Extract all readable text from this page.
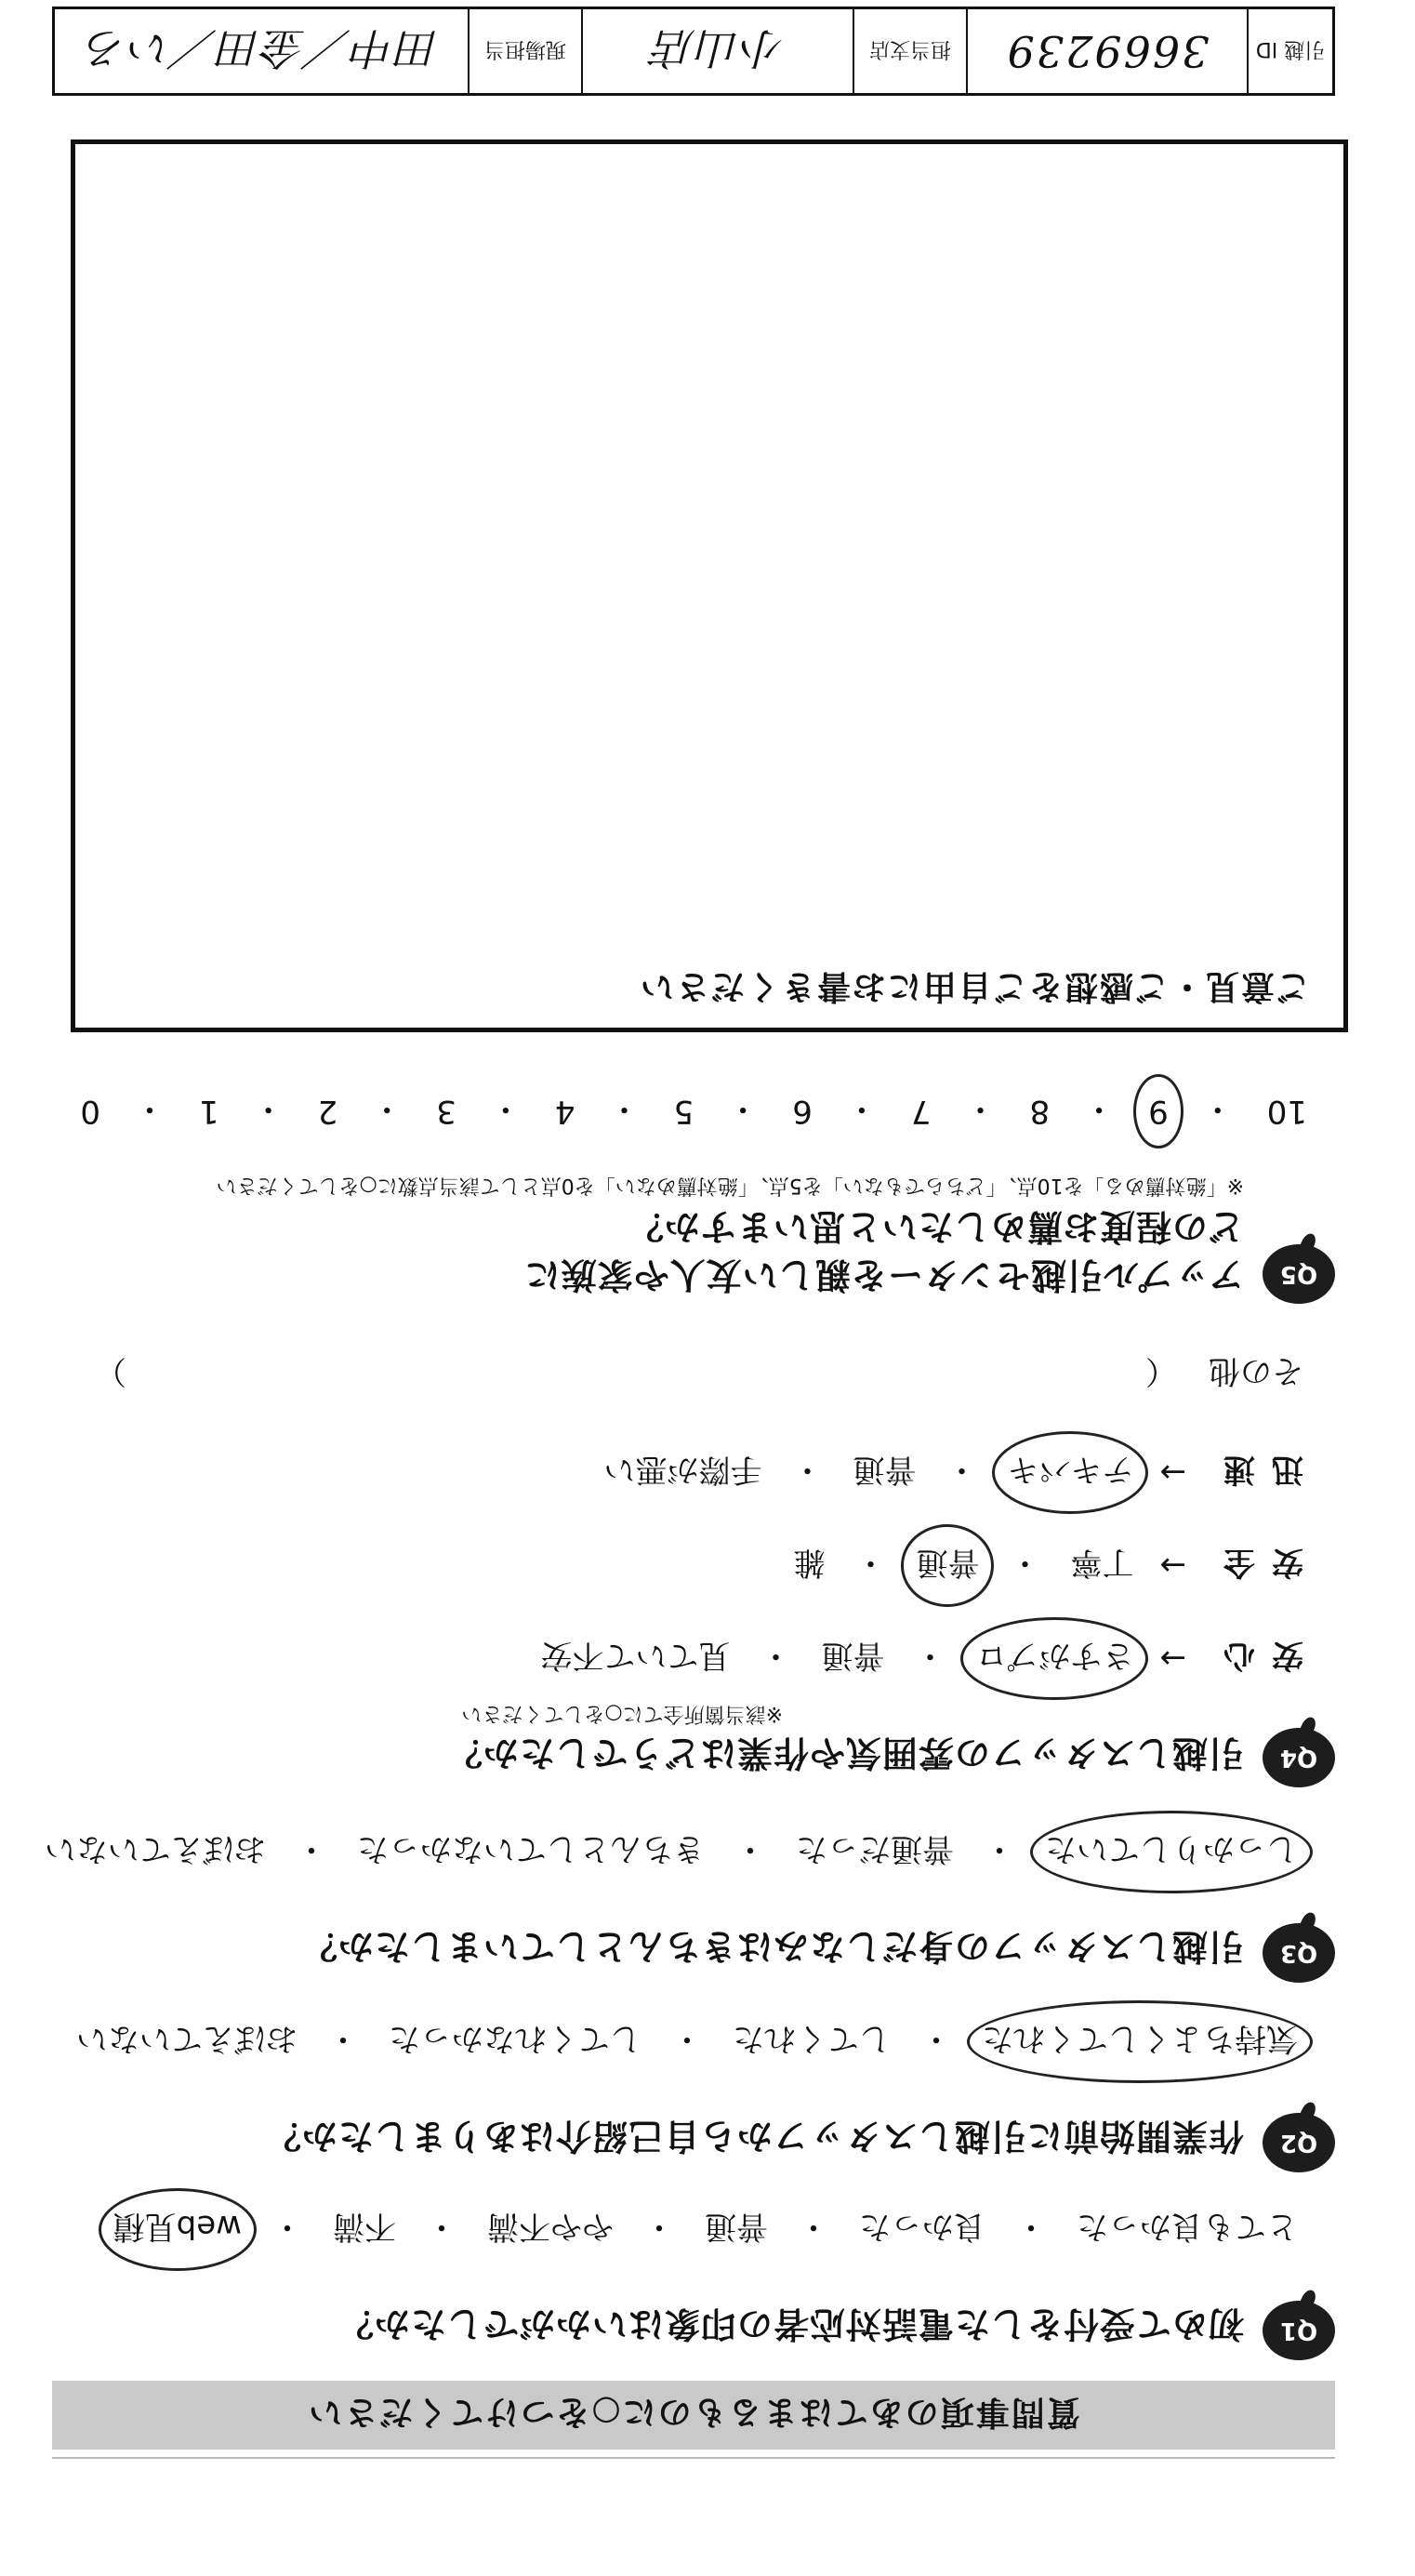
質問事項のあてはまるものに○をつけてください
Q1
初めて受付をした電話対応者の印象はいかがでしたか？
とても良かった
・
良かった
・
普通
・
やや不満
・
不満
・
web見積
Q2
作業開始前に引越しスタッフから自己紹介はありましたか？
気持ちよくしてくれた
・
してくれた
・
してくれなかった
・
おぼえていない
Q3
引越しスタッフの身だしなみはきちんとしていましたか？
しっかりしていた
・
普通だった
・
きちんとしていなかった
・
おぼえていない
Q4
引越しスタッフの雰囲気や作業はどうでしたか？
※該当箇所全てに○をしてください
安心
→
さすがプロ
・
普通
・
見ていて不安
安全
→
丁寧
・
普通
・
雑
迅速
→
テキパキ
・
普通
・
手際が悪い
その他
（
）
Q5
アップル引越センターを親しい友人や家族に
どの程度お薦めしたいと思いますか？
※「絶対薦める」を10点、「どちらでもない」を5点、「絶対薦めない」を0点として該当点数に○をしてください
10
・
9
・
8
・
7
・
6
・
5
・
4
・
3
・
2
・
1
・
0
ご意見・ご感想をご自由にお書きください
引越 ID
3669239
担当支店
小山店
現場担当
田中／金田／いろ
